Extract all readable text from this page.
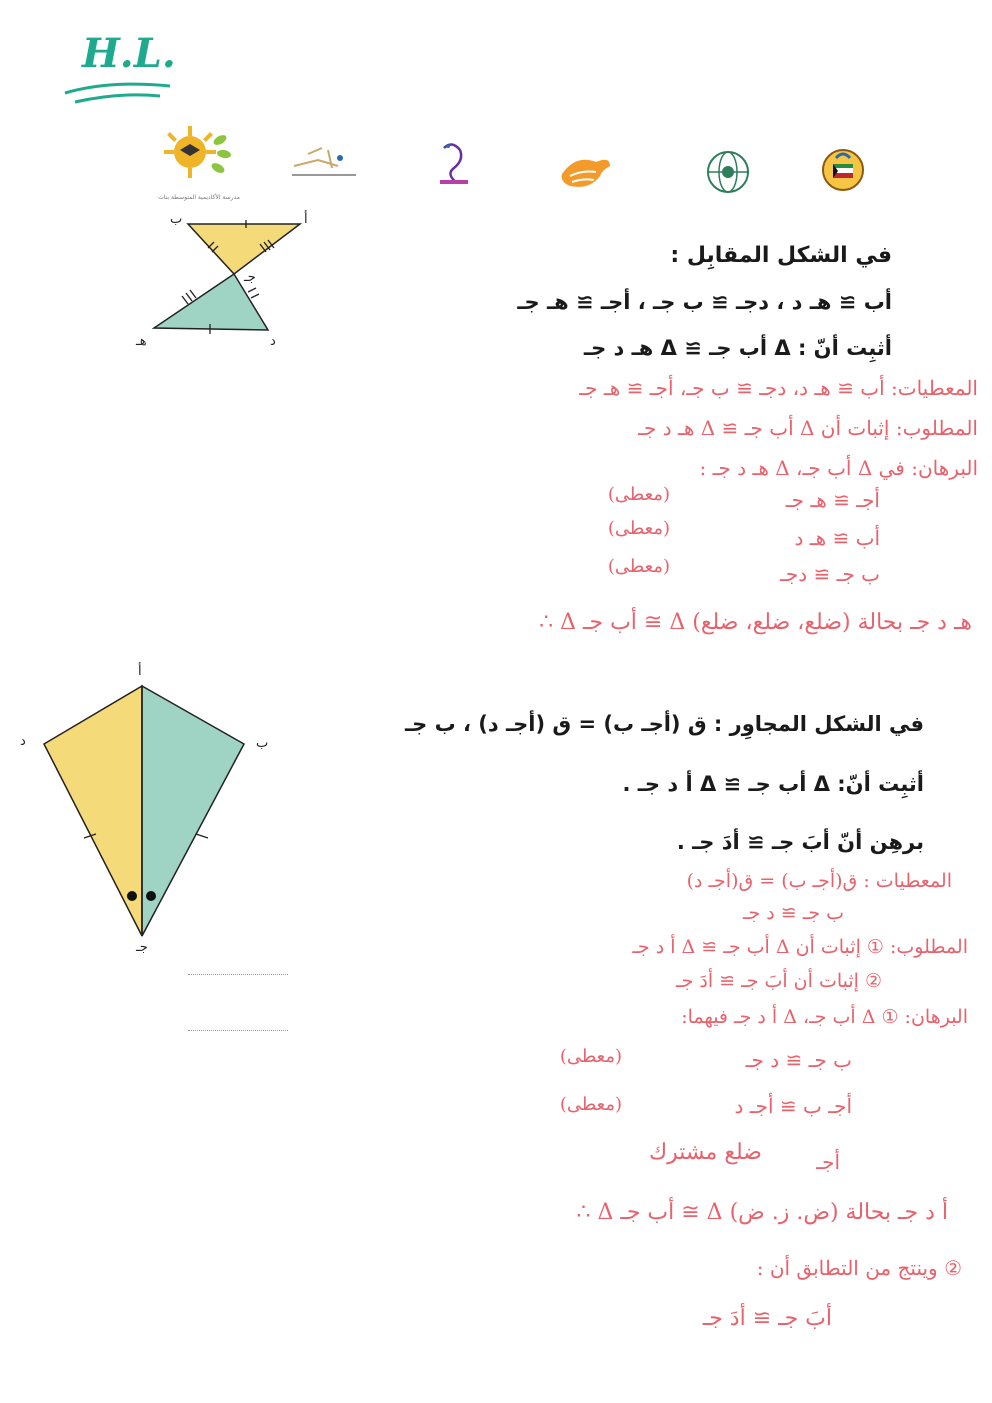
H.L.
مدرسة الأكاديمية المتوسطة بنات
ب	أ
جـ
هـ	د
في الشكل المقابِل :
أب ≅ هـ د ، دجـ ≅ ب جـ ، أجـ ≅ هـ جـ
أثبِت أنّ : Δ أب جـ ≅ Δ هـ د جـ
المعطيات: أب ≅ هـ د، دجـ ≅ ب جـ، أجـ ≅ هـ جـ
المطلوب: إثبات أن Δ أب جـ ≅ Δ هـ د جـ
البرهان: في Δ أب جـ، Δ هـ د جـ :
أجـ ≅ هـ جـ
(معطى)
أب ≅ هـ د
(معطى)
ب جـ ≅ دجـ
(معطى)
∴ Δ أب جـ ≅ Δ هـ د جـ بحالة (ضلع، ضلع، ضلع)
أ
د	ب
جـ
في الشكل المجاوِر : ق (أجـ ب) = ق (أجـ د) ، ب جـ
أثبِت أنّ: Δ أب جـ ≅ Δ أ د جـ .
برهِن أنّ أبَ جـ ≅ أدَ جـ .
المعطيات : ق(أجـ ب) = ق(أجـ د)
ب جـ ≅ د جـ
المطلوب: ① إثبات أن Δ أب جـ ≅ Δ أ د جـ
② إثبات أن أبَ جـ ≅ أدَ جـ
البرهان: ① Δ أب جـ، Δ أ د جـ فيهما:
ب جـ ≅ د جـ
(معطى)
أجـ ب ≅ أجـ د
(معطى)
أجـ
ضلع مشترك
∴ Δ أب جـ ≅ Δ أ د جـ بحالة (ض. ز. ض)
② وينتج من التطابق أن :
أبَ جـ ≅ أدَ جـ
